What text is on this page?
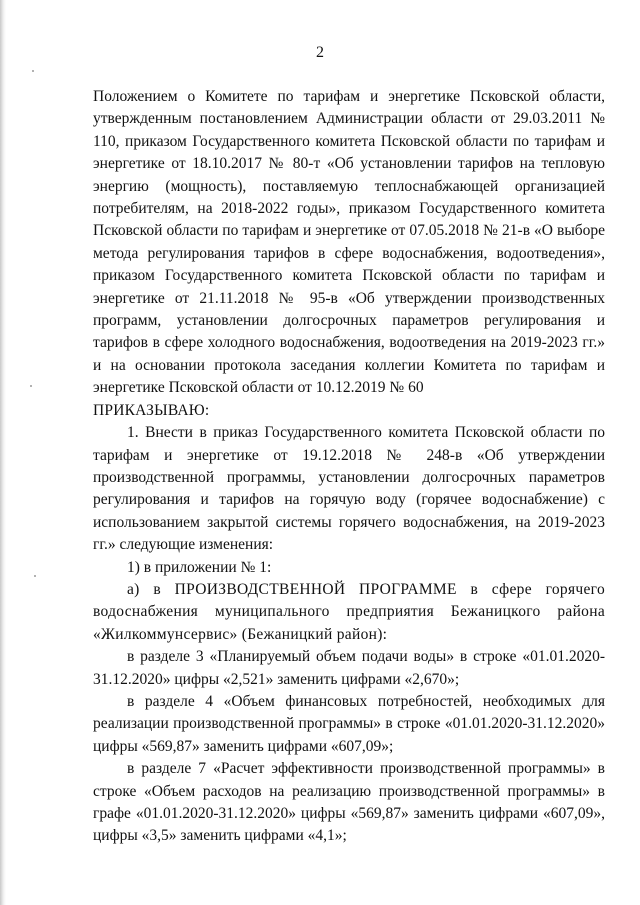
2

Положением о Комитете по тарифам и энергетике Псковской области, утвержденным постановлением Администрации области от 29.03.2011 № 110, приказом Государственного комитета Псковской области по тарифам и энергетике от 18.10.2017 № 80-т «Об установлении тарифов на тепловую энергию (мощность), поставляемую теплоснабжающей организацией потребителям, на 2018-2022 годы», приказом Государственного комитета Псковской области по тарифам и энергетике от 07.05.2018 № 21-в «О выборе метода регулирования тарифов в сфере водоснабжения, водоотведения», приказом Государственного комитета Псковской области по тарифам и энергетике от 21.11.2018 № 95-в «Об утверждении производственных программ, установлении долгосрочных параметров регулирования и тарифов в сфере холодного водоснабжения, водоотведения на 2019-2023 гг.» и на основании протокола заседания коллегии Комитета по тарифам и энергетике Псковской области от 10.12.2019 № 60

ПРИКАЗЫВАЮ:

1. Внести в приказ Государственного комитета Псковской области по тарифам и энергетике от 19.12.2018 № 248-в «Об утверждении производственной программы, установлении долгосрочных параметров регулирования и тарифов на горячую воду (горячее водоснабжение) с использованием закрытой системы горячего водоснабжения, на 2019-2023 гг.» следующие изменения:

1) в приложении № 1:

а) в ПРОИЗВОДСТВЕННОЙ ПРОГРАММЕ в сфере горячего водоснабжения муниципального предприятия Бежаницкого района «Жилкоммунсервис» (Бежаницкий район):

в разделе 3 «Планируемый объем подачи воды» в строке «01.01.2020-31.12.2020» цифры «2,521» заменить цифрами «2,670»;

в разделе 4 «Объем финансовых потребностей, необходимых для реализации производственной программы» в строке «01.01.2020-31.12.2020» цифры «569,87» заменить цифрами «607,09»;

в разделе 7 «Расчет эффективности производственной программы» в строке «Объем расходов на реализацию производственной программы» в графе «01.01.2020-31.12.2020» цифры «569,87» заменить цифрами «607,09», цифры «3,5» заменить цифрами «4,1»;
